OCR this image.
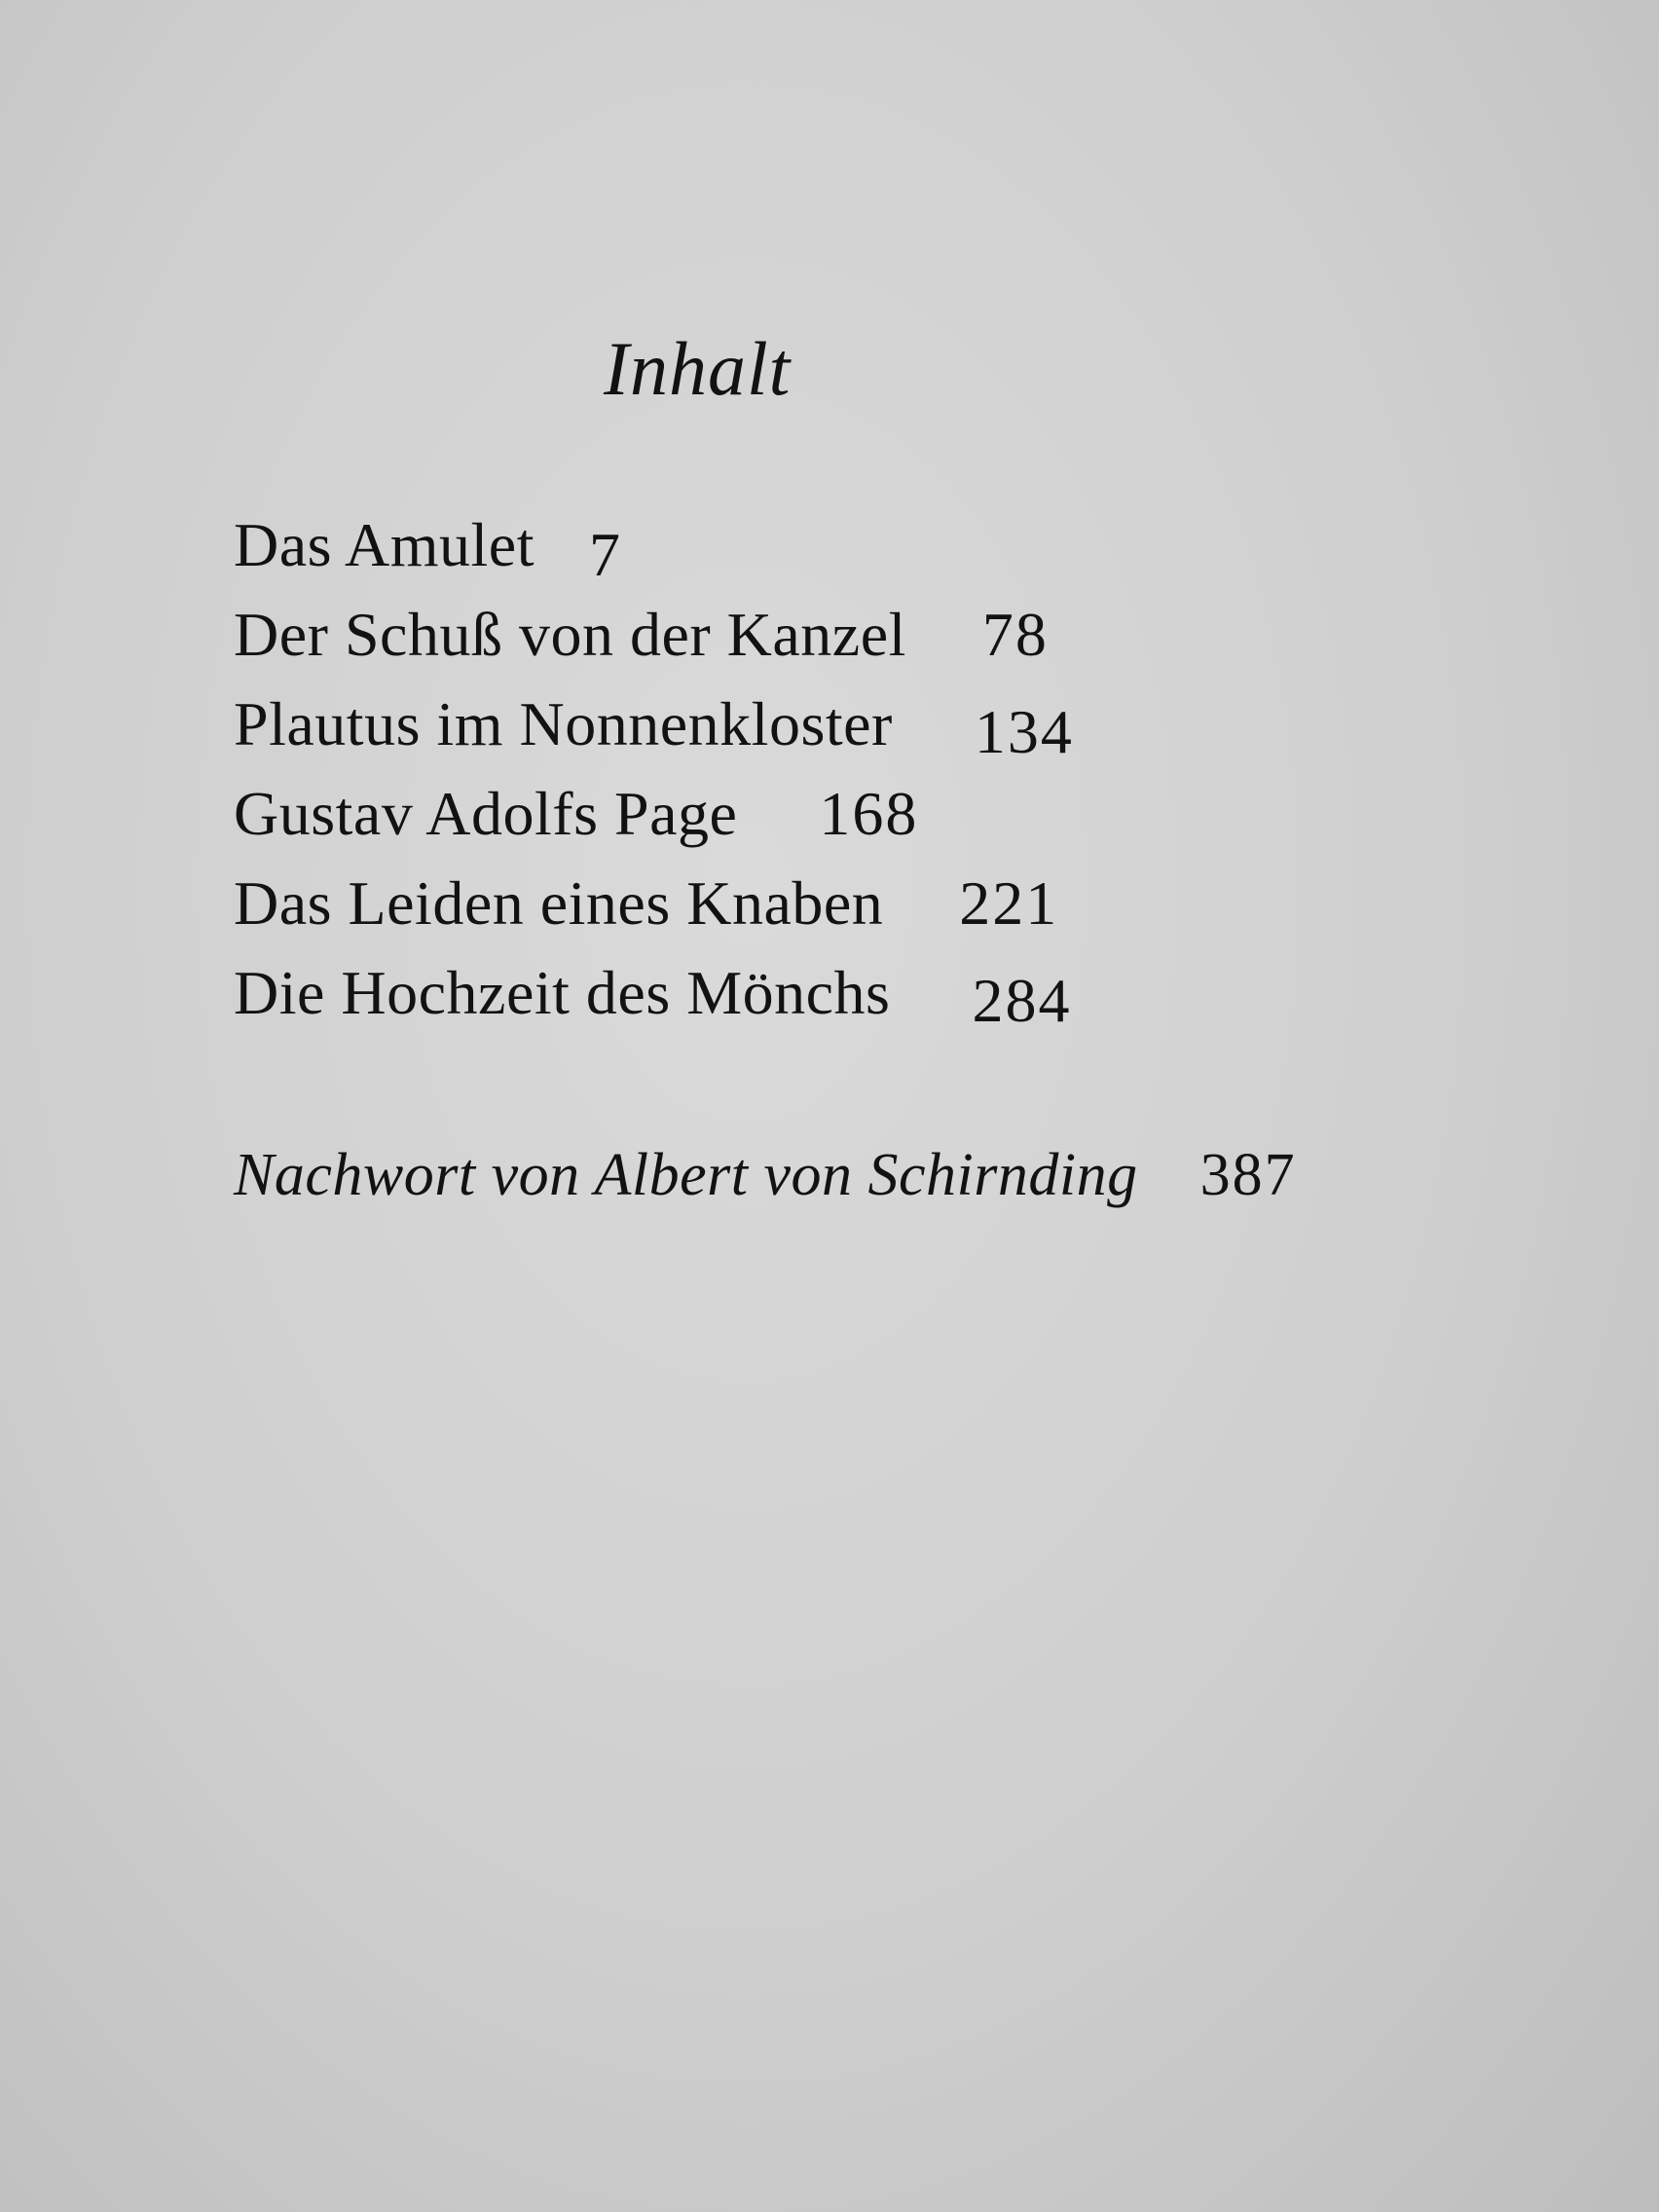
Inhalt
Das Amulet 7
Der Schuß von der Kanzel 78
Plautus im Nonnenkloster 134
Gustav Adolfs Page 168
Das Leiden eines Knaben 221
Die Hochzeit des Mönchs 284
Nachwort von Albert von Schirnding 387
